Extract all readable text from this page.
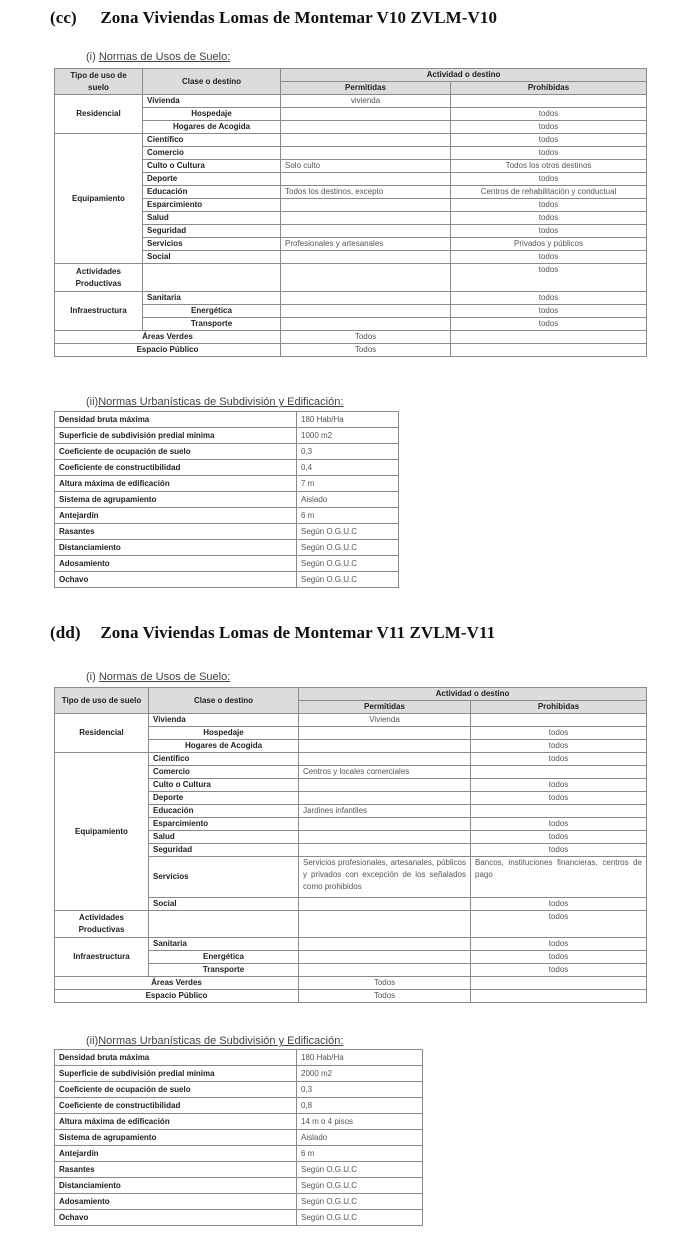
(cc) Zona Viviendas Lomas de Montemar V10 ZVLM-V10
(i) Normas de Usos de Suelo:
Tipo de uso de suelo	Clase o destino	Actividad o destino	
		Permitidas	Prohibidas
Residencial	Vivienda	vivienda	
	Hospedaje		todos
	Hogares de Acogida		todos
Equipamiento	Científico		todos
	Comercio		todos
	Culto o Cultura	Solo culto	Todos los otros destinos
	Deporte		todos
	Educación	Todos los destinos, excepto	Centros de rehabilitación y conductual
	Esparcimiento		todos
	Salud		todos
	Seguridad		todos
	Servicios	Profesionales y artesanales	Privados y públicos
	Social		todos
Actividades Productivas			todos
Infraestructura	Sanitaria		todos
	Energética		todos
	Transporte		todos
Áreas Verdes		Todos	
Espacio Público		Todos	
(ii)Normas Urbanísticas de Subdivisión y Edificación:
Densidad bruta máxima	180 Hab/Ha
Superficie de subdivisión predial mínima	1000 m2
Coeficiente de ocupación de suelo	0,3
Coeficiente de constructibilidad	0,4
Altura máxima de edificación	7 m
Sistema de agrupamiento	Aislado
Antejardín	6 m
Rasantes	Según O.G.U.C
Distanciamiento	Según O.G.U.C
Adosamiento	Según O.G.U.C
Ochavo	Según O.G.U.C
(dd) Zona Viviendas Lomas de Montemar V11 ZVLM-V11
(i) Normas de Usos de Suelo:
Tipo de uso de suelo	Clase o destino	Actividad o destino	
		Permitidas	Prohibidas
Residencial	Vivienda	Vivienda	
	Hospedaje		todos
	Hogares de Acogida		todos
Equipamiento	Científico		todos
	Comercio	Centros y locales comerciales	
	Culto o Cultura		todos
	Deporte		todos
	Educación	Jardines infantiles	
	Esparcimiento		todos
	Salud		todos
	Seguridad		todos
	Servicios	Servicios profesionales, artesanales, públicos y privados con excepción de los señalados como prohibidos	Bancos, instituciones financieras, centros de pago
	Social		todos
Actividades Productivas			todos
Infraestructura	Sanitaria		todos
	Energética		todos
	Transporte		todos
Áreas Verdes		Todos	
Espacio Público		Todos	
(ii)Normas Urbanísticas de Subdivisión y Edificación:
Densidad bruta máxima	180 Hab/Ha
Superficie de subdivisión predial mínima	2000 m2
Coeficiente de ocupación de suelo	0,3
Coeficiente de constructibilidad	0,8
Altura máxima de edificación	14 m o 4 pisos
Sistema de agrupamiento	Aislado
Antejardín	6 m
Rasantes	Según O.G.U.C
Distanciamiento	Según O.G.U.C
Adosamiento	Según O.G.U.C
Ochavo	Según O.G.U.C
